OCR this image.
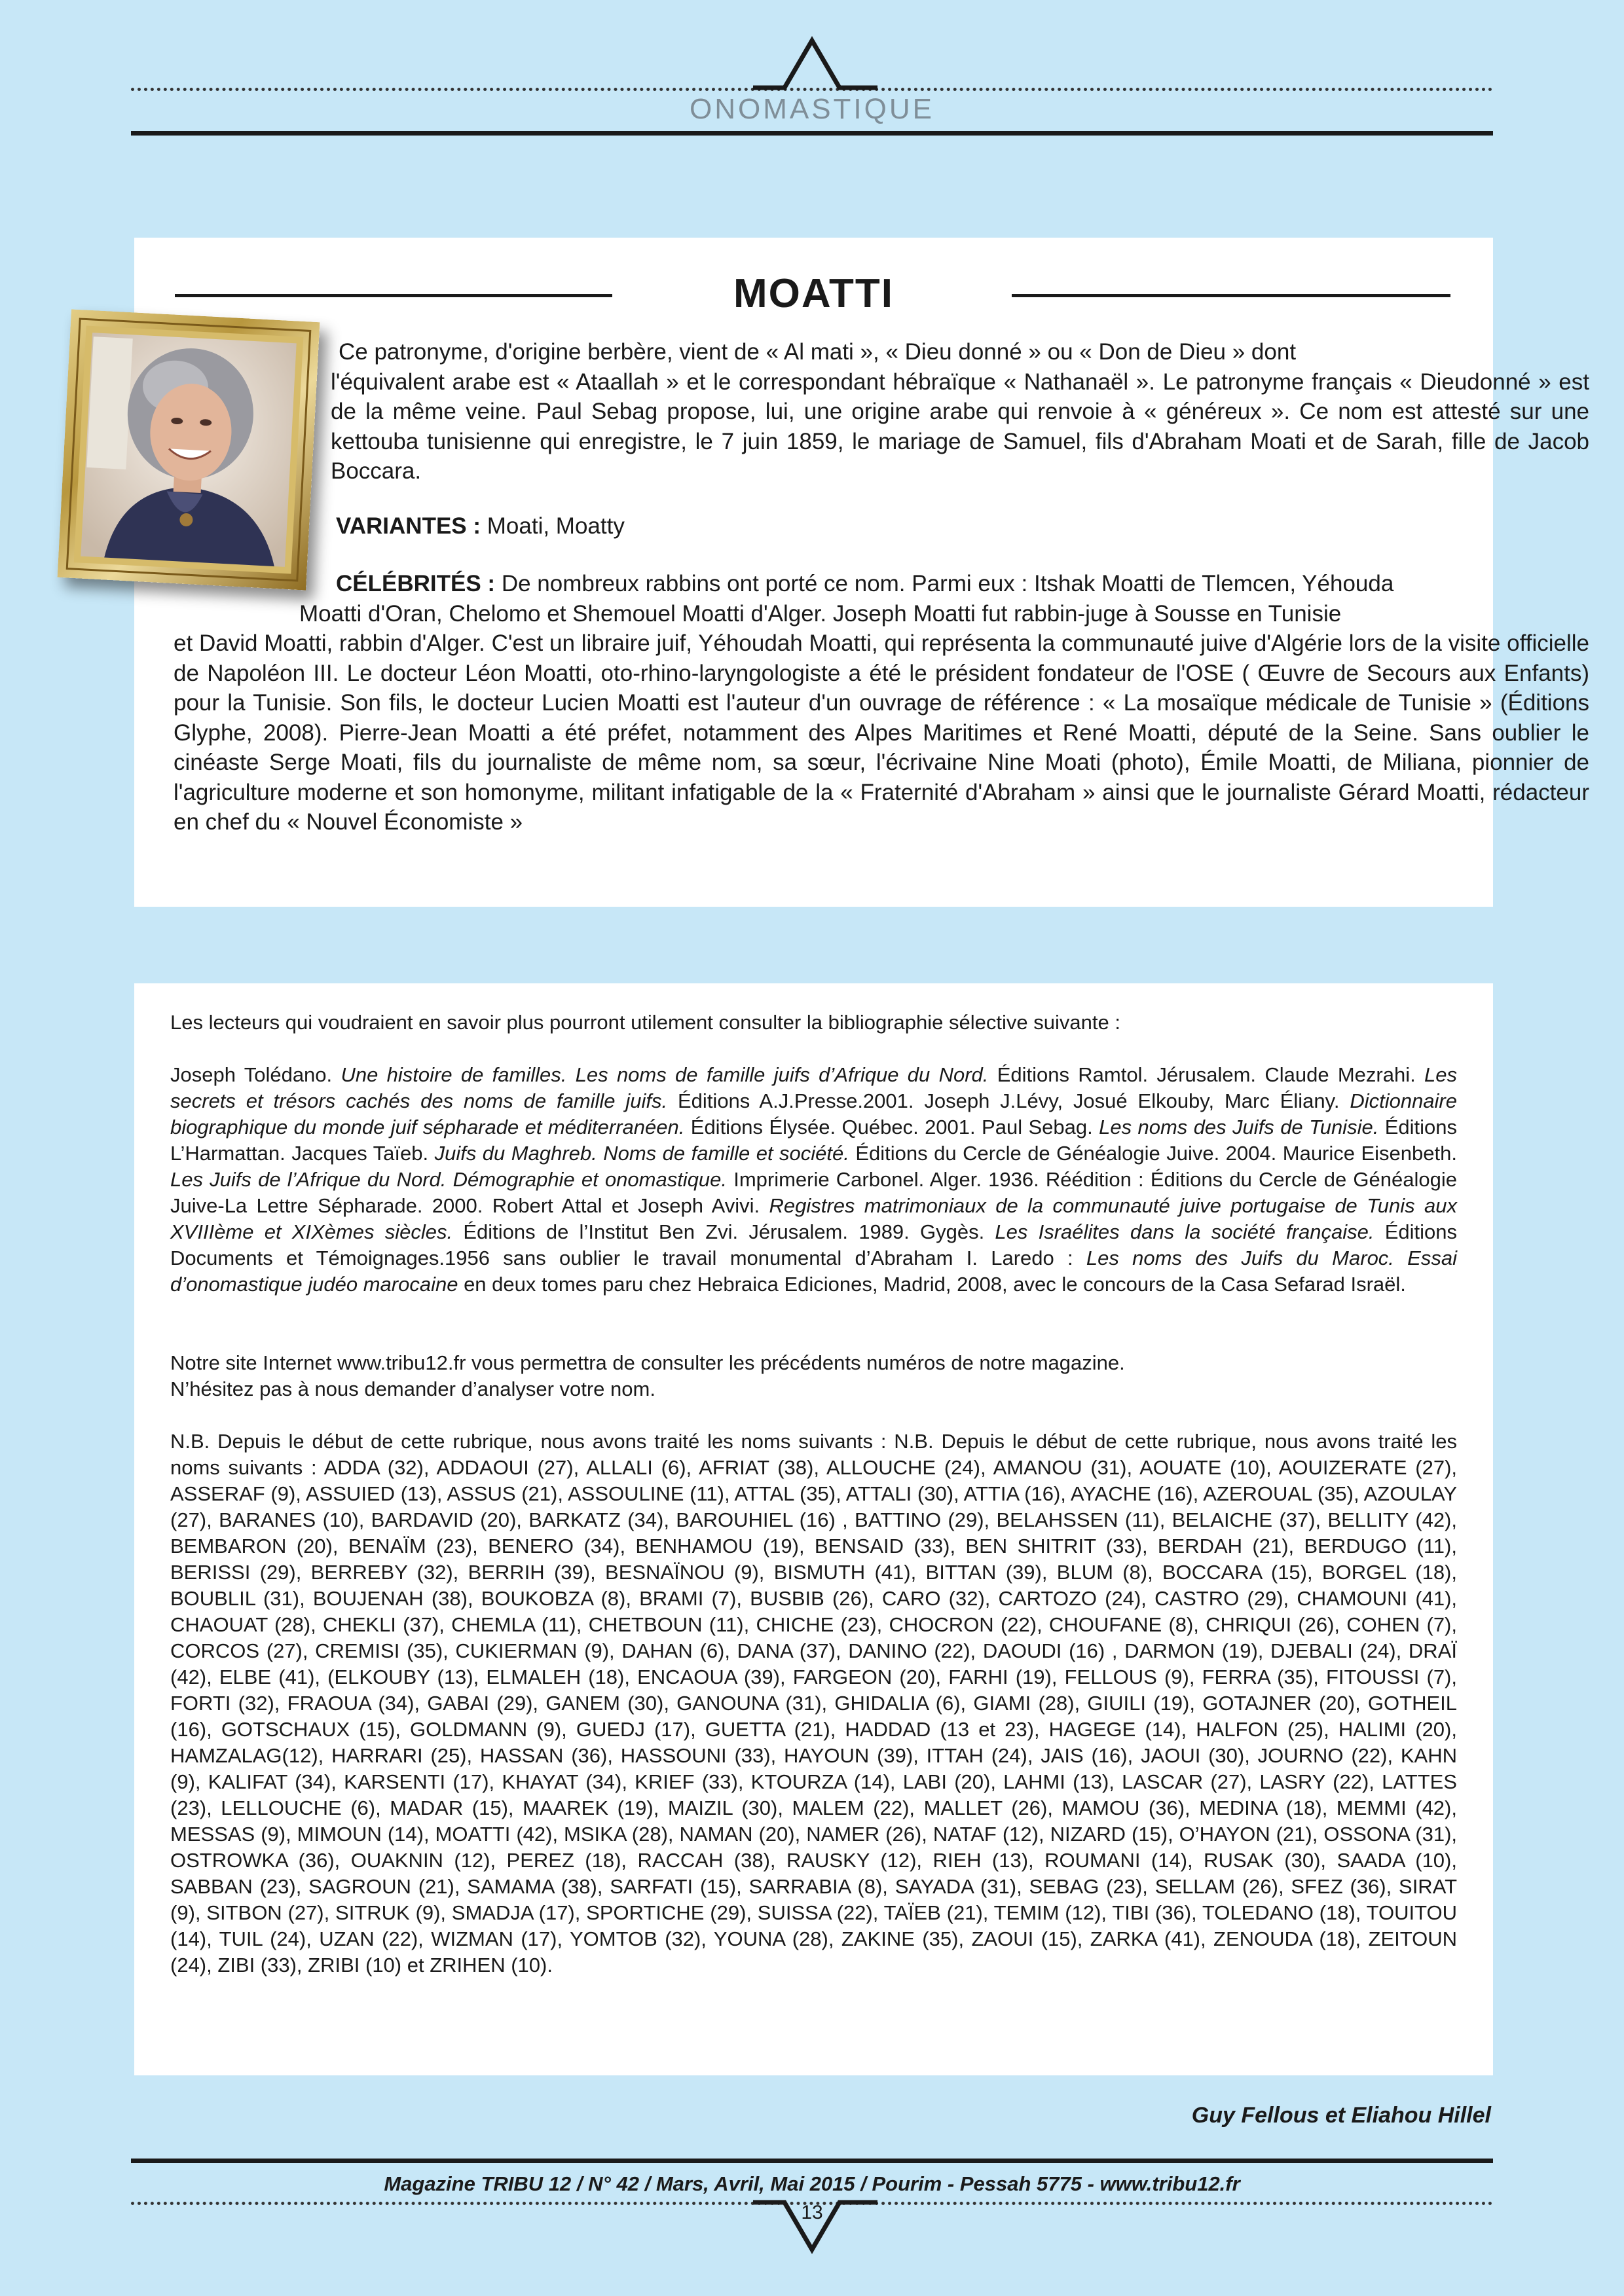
ONOMASTIQUE
MOATTI
Ce patronyme, d'origine berbère, vient de « Al mati », « Dieu donné » ou « Don de Dieu » dont
l'équivalent arabe est « Ataallah » et le correspondant hébraïque « Nathanaël ». Le patronyme français « Dieudonné » est de la même veine. Paul Sebag propose, lui, une origine arabe qui renvoie à « généreux ». Ce nom est attesté sur une kettouba tunisienne qui enregistre, le 7 juin 1859, le mariage de Samuel, fils d'Abraham Moati et de Sarah, fille de Jacob Boccara.
VARIANTES : Moati, Moatty
CÉLÉBRITÉS : De nombreux rabbins ont porté ce nom. Parmi eux : Itshak Moatti de Tlemcen, Yéhouda
Moatti d'Oran, Chelomo et Shemouel Moatti d'Alger. Joseph Moatti fut rabbin-juge à Sousse en Tunisie
et David Moatti, rabbin d'Alger. C'est un libraire juif, Yéhoudah Moatti, qui représenta la communauté juive d'Algérie lors de la visite officielle de Napoléon III. Le docteur Léon Moatti, oto-rhino-laryngologiste a été le président fondateur de l'OSE ( Œuvre de Secours aux Enfants) pour la Tunisie. Son fils, le docteur Lucien Moatti est l'auteur d'un ouvrage de référence : « La mosaïque médicale de Tunisie » (Éditions Glyphe, 2008). Pierre-Jean Moatti a été préfet, notamment des Alpes Maritimes et René Moatti, député de la Seine. Sans oublier le cinéaste Serge Moati, fils du journaliste de même nom, sa sœur, l'écrivaine Nine Moati (photo), Émile Moatti, de Miliana, pionnier de l'agriculture moderne et son homonyme, militant infatigable de la « Fraternité d'Abraham » ainsi que le journaliste Gérard Moatti, rédacteur en chef du « Nouvel Économiste »
Les lecteurs qui voudraient en savoir plus pourront utilement consulter la bibliographie sélective suivante :
Joseph Tolédano. Une histoire de familles. Les noms de famille juifs d’Afrique du Nord. Éditions Ramtol. Jérusalem. Claude Mezrahi. Les secrets et trésors cachés des noms de famille juifs. Éditions A.J.Presse.2001. Joseph J.Lévy, Josué Elkouby, Marc Éliany. Dictionnaire biographique du monde juif sépharade et méditerranéen. Éditions Élysée. Québec. 2001. Paul Sebag. Les noms des Juifs de Tunisie. Éditions L’Harmattan. Jacques Taïeb. Juifs du Maghreb. Noms de famille et société. Éditions du Cercle de Généalogie Juive. 2004. Maurice Eisenbeth. Les Juifs de l’Afrique du Nord. Démographie et onomastique. Imprimerie Carbonel. Alger. 1936. Réédition : Éditions du Cercle de Généalogie Juive-La Lettre Sépharade. 2000. Robert Attal et Joseph Avivi. Registres matrimoniaux de la communauté juive portugaise de Tunis aux XVIIIème et XIXèmes siècles. Éditions de l’Institut Ben Zvi. Jérusalem. 1989. Gygès. Les Israélites dans la société française. Éditions Documents et Témoignages.1956 sans oublier le travail monumental d’Abraham I. Laredo : Les noms des Juifs du Maroc. Essai d’onomastique judéo marocaine en deux tomes paru chez Hebraica Ediciones, Madrid, 2008, avec le concours de la Casa Sefarad Israël.
Notre site Internet www.tribu12.fr vous permettra de consulter les précédents numéros de notre magazine.
N’hésitez pas à nous demander d’analyser votre nom.
N.B. Depuis le début de cette rubrique, nous avons traité les noms suivants : N.B. Depuis le début de cette rubrique, nous avons traité les noms suivants : ADDA (32), ADDAOUI (27), ALLALI (6), AFRIAT (38), ALLOUCHE (24), AMANOU (31), AOUATE (10), AOUIZERATE (27), ASSERAF (9), ASSUIED (13), ASSUS (21), ASSOULINE (11), ATTAL (35), ATTALI (30), ATTIA (16), AYACHE (16), AZEROUAL (35), AZOULAY (27), BARANES (10), BARDAVID (20), BARKATZ (34), BAROUHIEL (16) , BATTINO (29), BELAHSSEN (11), BELAICHE (37), BELLITY (42), BEMBARON (20), BENAÏM (23), BENERO (34), BENHAMOU (19), BENSAID (33), BEN SHITRIT (33), BERDAH (21), BERDUGO (11), BERISSI (29), BERREBY (32), BERRIH (39), BESNAÏNOU (9), BISMUTH (41), BITTAN (39), BLUM (8), BOCCARA (15), BORGEL (18), BOUBLIL (31), BOUJENAH (38), BOUKOBZA (8), BRAMI (7), BUSBIB (26), CARO (32), CARTOZO (24), CASTRO (29), CHAMOUNI (41), CHAOUAT (28), CHEKLI (37), CHEMLA (11), CHETBOUN (11), CHICHE (23), CHOCRON (22), CHOUFANE (8), CHRIQUI (26), COHEN (7), CORCOS (27), CREMISI (35), CUKIERMAN (9), DAHAN (6), DANA (37), DANINO (22), DAOUDI (16) , DARMON (19), DJEBALI (24), DRAÏ (42), ELBE (41), (ELKOUBY (13), ELMALEH (18), ENCAOUA (39), FARGEON (20), FARHI (19), FELLOUS (9), FERRA (35), FITOUSSI (7), FORTI (32), FRAOUA (34), GABAI (29), GANEM (30), GANOUNA (31), GHIDALIA (6), GIAMI (28), GIUILI (19), GOTAJNER (20), GOTHEIL (16), GOTSCHAUX (15), GOLDMANN (9), GUEDJ (17), GUETTA (21), HADDAD (13 et 23), HAGEGE (14), HALFON (25), HALIMI (20), HAMZALAG(12), HARRARI (25), HASSAN (36), HASSOUNI (33), HAYOUN (39), ITTAH (24), JAIS (16), JAOUI (30), JOURNO (22), KAHN (9), KALIFAT (34), KARSENTI (17), KHAYAT (34), KRIEF (33), KTOURZA (14), LABI (20), LAHMI (13), LASCAR (27), LASRY (22), LATTES (23), LELLOUCHE (6), MADAR (15), MAAREK (19), MAIZIL (30), MALEM (22), MALLET (26), MAMOU (36), MEDINA (18), MEMMI (42), MESSAS (9), MIMOUN (14), MOATTI (42), MSIKA (28), NAMAN (20), NAMER (26), NATAF (12), NIZARD (15), O’HAYON (21), OSSONA (31), OSTROWKA (36), OUAKNIN (12), PEREZ (18), RACCAH (38), RAUSKY (12), RIEH (13), ROUMANI (14), RUSAK (30), SAADA (10), SABBAN (23), SAGROUN (21), SAMAMA (38), SARFATI (15), SARRABIA (8), SAYADA (31), SEBAG (23), SELLAM (26), SFEZ (36), SIRAT (9), SITBON (27), SITRUK (9), SMADJA (17), SPORTICHE (29), SUISSA (22), TAÏEB (21), TEMIM (12), TIBI (36), TOLEDANO (18), TOUITOU (14), TUIL (24), UZAN (22), WIZMAN (17), YOMTOB (32), YOUNA (28), ZAKINE (35), ZAOUI (15), ZARKA (41), ZENOUDA (18), ZEITOUN (24), ZIBI (33), ZRIBI (10) et ZRIHEN (10).
Guy Fellous et Eliahou Hillel
Magazine TRIBU 12 / N° 42 / Mars, Avril, Mai 2015 / Pourim - Pessah 5775 - www.tribu12.fr
13
